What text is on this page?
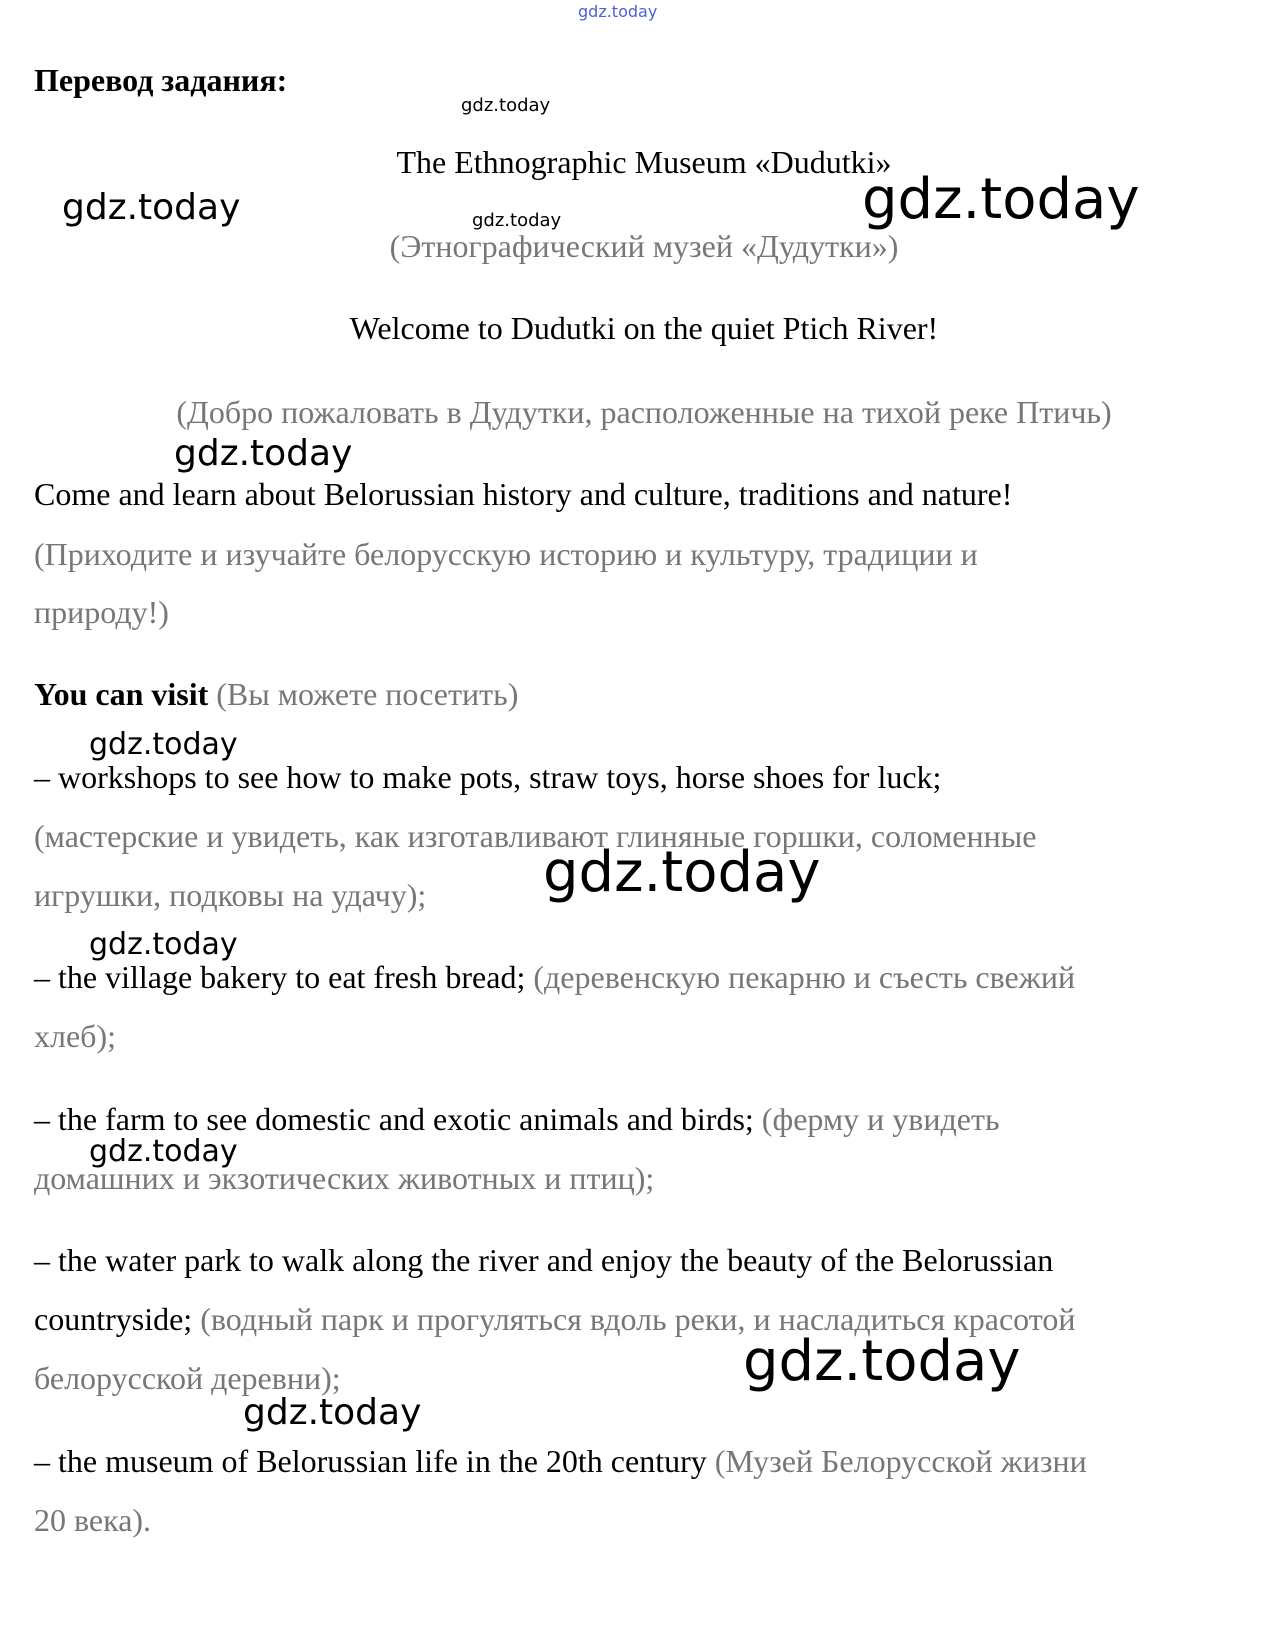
gdz.today
gdz.today
gdz.today	gdz.today	gdz.today
gdz.today
gdz.today
gdz.today
gdz.today
gdz.today
gdz.today
gdz.today
Перевод задания:
The Ethnographic Museum «Dudutki»
(Этнографический музей «Дудутки»)
Welcome to Dudutki on the quiet Ptich River!
(Добро пожаловать в Дудутки, расположенные на тихой реке Птичь)
Come and learn about Belorussian history and culture, traditions and nature!
(Приходите и изучайте белорусскую историю и культуру, традиции и
природу!)
You can visit (Вы можете посетить)
– workshops to see how to make pots, straw toys, horse shoes for luck;
(мастерские и увидеть, как изготавливают глиняные горшки, соломенные
игрушки, подковы на удачу);
– the village bakery to eat fresh bread; (деревенскую пекарню и съесть свежий
хлеб);
– the farm to see domestic and exotic animals and birds; (ферму и увидеть
домашних и экзотических животных и птиц);
– the water park to walk along the river and enjoy the beauty of the Belorussian
countryside; (водный парк и прогуляться вдоль реки, и насладиться красотой
белорусской деревни);
– the museum of Belorussian life in the 20th century (Музей Белорусской жизни
20 века).
